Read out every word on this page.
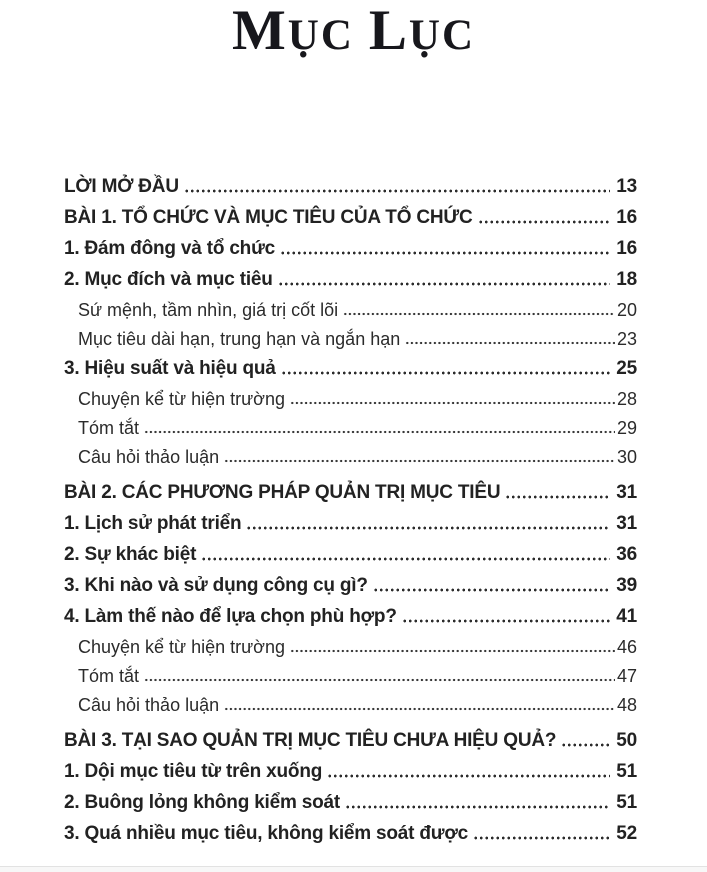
MỤC LỤC
LỜI MỞ ĐẦU	13
BÀI 1. TỔ CHỨC VÀ MỤC TIÊU CỦA TỔ CHỨC	16
1. Đám đông và tổ chức	16
2. Mục đích và mục tiêu	18
Sứ mệnh, tầm nhìn, giá trị cốt lõi	20
Mục tiêu dài hạn, trung hạn và ngắn hạn	23
3. Hiệu suất và hiệu quả	25
Chuyện kể từ hiện trường	28
Tóm tắt	29
Câu hỏi thảo luận	30
BÀI 2. CÁC PHƯƠNG PHÁP QUẢN TRỊ MỤC TIÊU	31
1. Lịch sử phát triển	31
2. Sự khác biệt	36
3. Khi nào và sử dụng công cụ gì?	39
4. Làm thế nào để lựa chọn phù hợp?	41
Chuyện kể từ hiện trường	46
Tóm tắt	47
Câu hỏi thảo luận	48
BÀI 3. TẠI SAO QUẢN TRỊ MỤC TIÊU CHƯA HIỆU QUẢ?	50
1. Dội mục tiêu từ trên xuống	51
2. Buông lỏng không kiểm soát	51
3. Quá nhiều mục tiêu, không kiểm soát được	52
